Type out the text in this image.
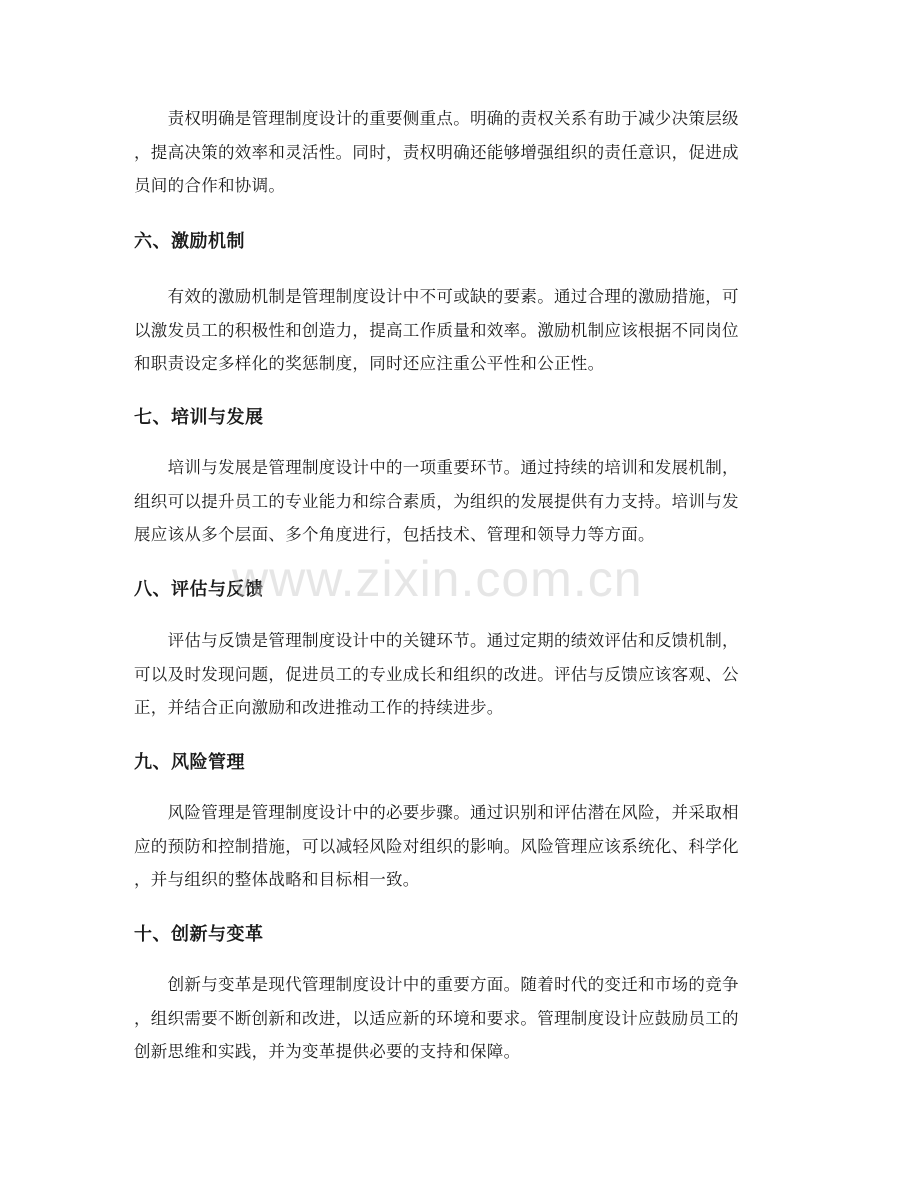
　　责权明确是管理制度设计的重要侧重点。明确的责权关系有助于减少决策层级
，提高决策的效率和灵活性。同时，责权明确还能够增强组织的责任意识，促进成
员间的合作和协调。

六、激励机制

　　有效的激励机制是管理制度设计中不可或缺的要素。通过合理的激励措施，可
以激发员工的积极性和创造力，提高工作质量和效率。激励机制应该根据不同岗位
和职责设定多样化的奖惩制度，同时还应注重公平性和公正性。

七、培训与发展

　　培训与发展是管理制度设计中的一项重要环节。通过持续的培训和发展机制，
组织可以提升员工的专业能力和综合素质，为组织的发展提供有力支持。培训与发
展应该从多个层面、多个角度进行，包括技术、管理和领导力等方面。

八、评估与反馈

　　评估与反馈是管理制度设计中的关键环节。通过定期的绩效评估和反馈机制，
可以及时发现问题，促进员工的专业成长和组织的改进。评估与反馈应该客观、公
正，并结合正向激励和改进推动工作的持续进步。

九、风险管理

　　风险管理是管理制度设计中的必要步骤。通过识别和评估潜在风险，并采取相
应的预防和控制措施，可以减轻风险对组织的影响。风险管理应该系统化、科学化
，并与组织的整体战略和目标相一致。

十、创新与变革

　　创新与变革是现代管理制度设计中的重要方面。随着时代的变迁和市场的竞争
，组织需要不断创新和改进，以适应新的环境和要求。管理制度设计应鼓励员工的
创新思维和实践，并为变革提供必要的支持和保障。

www.zixin.com.cn
